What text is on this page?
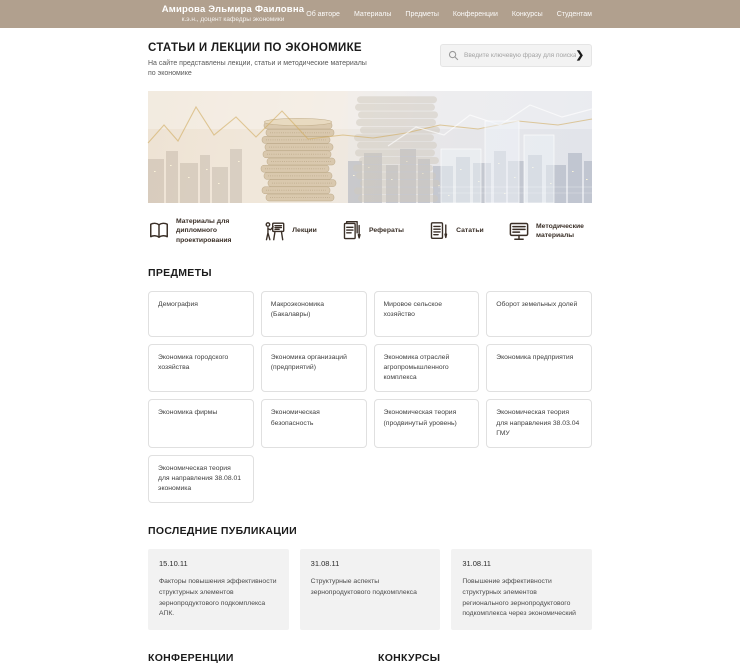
Амирова Эльмира Фаиловна
к.э.н., доцент кафедры экономики
Об авторе Материалы Предметы Конференции Конкурсы Студентам
СТАТЬИ И ЛЕКЦИИ ПО ЭКОНОМИКЕ
На сайте представлены лекции, статьи и методические материалы по экономике
Введите ключевую фразу для поиска...
❯
Материалы для дипломного проектирования
Лекции	Рефераты	Сататьи
Методические материалы
ПРЕДМЕТЫ
Демография	Макроэкономика (Бакалавры)
Мировое сельское хозяйство
Оборот земельных долей
Экономика городского хозяйства
Экономика организаций (предприятий)
Экономика отраслей агропромышленного комплекса
Экономика предприятия
Экономика фирмы	Экономическая безопасность
Экономическая теория (продвинутый уровень)
Экономическая теория для направления 38.03.04 ГМУ
Экономическая теория для направления 38.08.01 экономика
ПОСЛЕДНИЕ ПУБЛИКАЦИИ
15.10.11
Факторы повышения эффективности структурных элементов зернопродуктового подкомплекса АПК.
31.08.11
Структурные аспекты зернопродуктового подкомплекса
31.08.11
Повышение эффективности структурных элементов регионального зернопродуктового подкомплекса через экономический
КОНФЕРЕНЦИИ	КОНКУРСЫ
